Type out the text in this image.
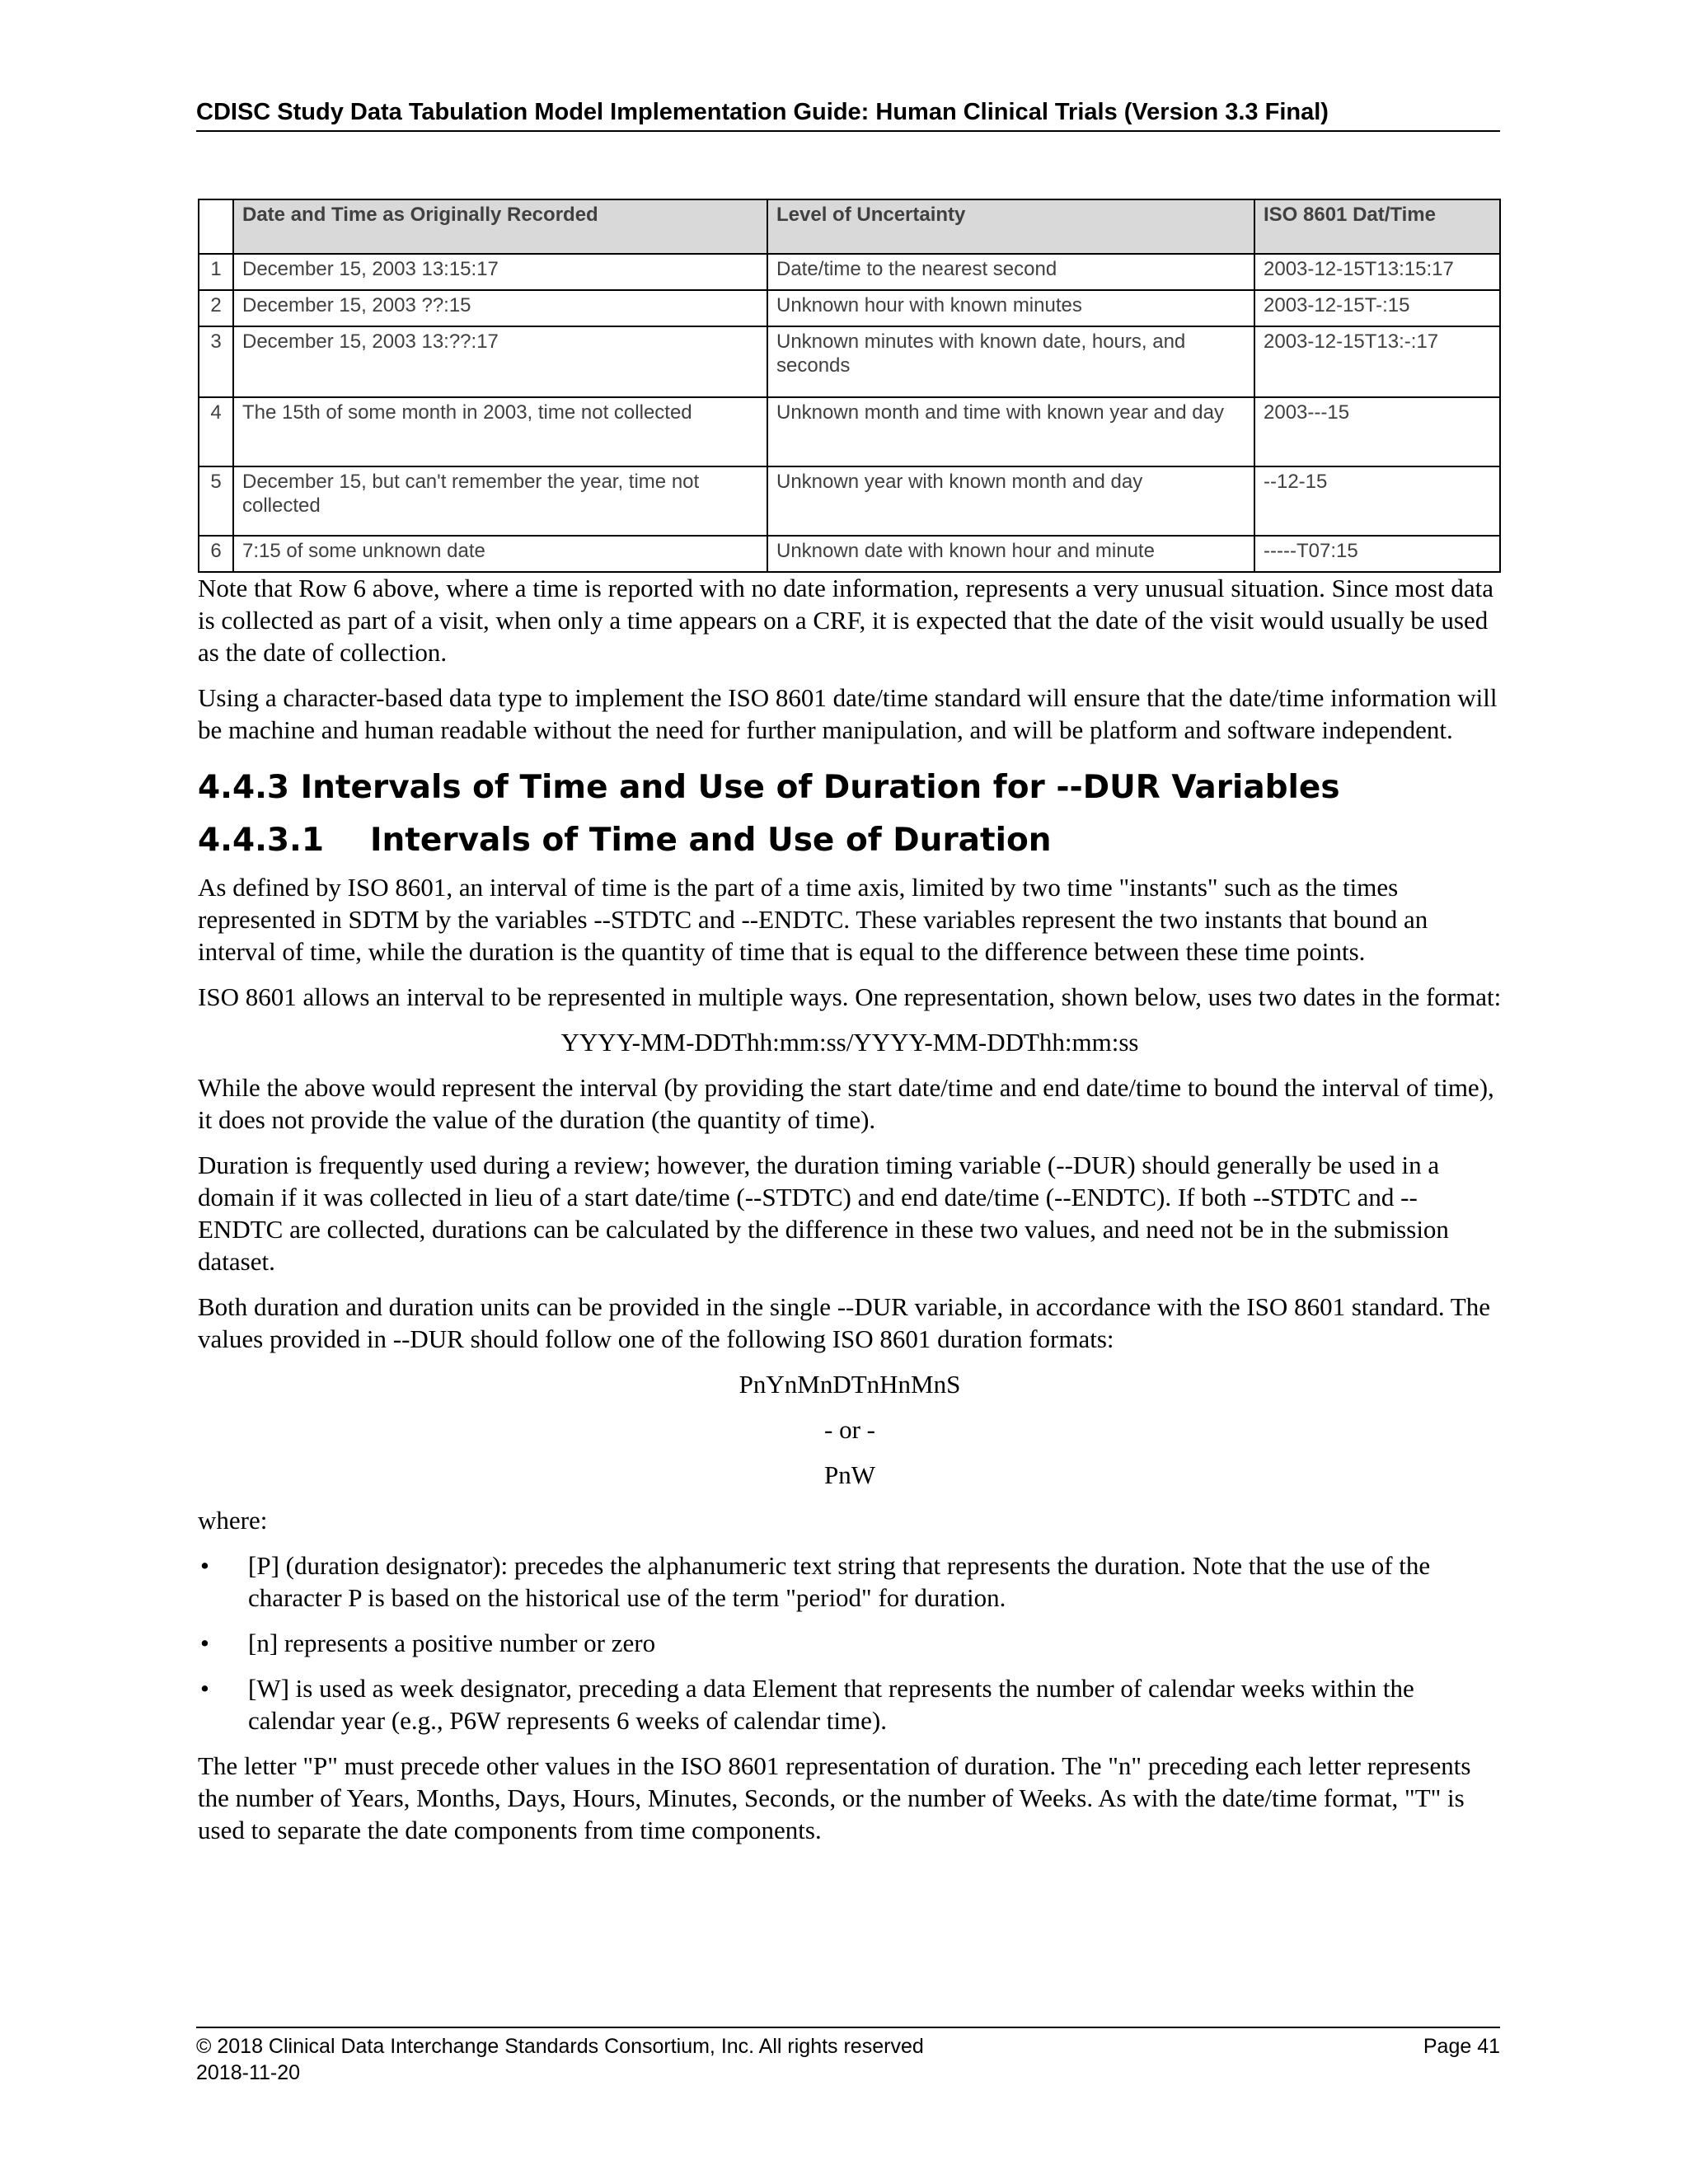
CDISC Study Data Tabulation Model Implementation Guide: Human Clinical Trials (Version 3.3 Final)
	Date and Time as Originally Recorded	Level of Uncertainty	ISO 8601 Dat/Time
1	December 15, 2003 13:15:17	Date/time to the nearest second	2003-12-15T13:15:17
2	December 15, 2003 ??:15	Unknown hour with known minutes	2003-12-15T-:15
3	December 15, 2003 13:??:17	Unknown minutes with known date, hours, and seconds	2003-12-15T13:-:17
4	The 15th of some month in 2003, time not collected	Unknown month and time with known year and day	2003---15
5	December 15, but can't remember the year, time not collected	Unknown year with known month and day	--12-15
6	7:15 of some unknown date	Unknown date with known hour and minute	-----T07:15

Note that Row 6 above, where a time is reported with no date information, represents a very unusual situation. Since most data is collected as part of a visit, when only a time appears on a CRF, it is expected that the date of the visit would usually be used as the date of collection.

Using a character-based data type to implement the ISO 8601 date/time standard will ensure that the date/time information will be machine and human readable without the need for further manipulation, and will be platform and software independent.

4.4.3 Intervals of Time and Use of Duration for --DUR Variables
4.4.3.1 Intervals of Time and Use of Duration

As defined by ISO 8601, an interval of time is the part of a time axis, limited by two time "instants" such as the times represented in SDTM by the variables --STDTC and --ENDTC. These variables represent the two instants that bound an interval of time, while the duration is the quantity of time that is equal to the difference between these time points.

ISO 8601 allows an interval to be represented in multiple ways. One representation, shown below, uses two dates in the format:

YYYY-MM-DDThh:mm:ss/YYYY-MM-DDThh:mm:ss

While the above would represent the interval (by providing the start date/time and end date/time to bound the interval of time), it does not provide the value of the duration (the quantity of time).

Duration is frequently used during a review; however, the duration timing variable (--DUR) should generally be used in a domain if it was collected in lieu of a start date/time (--STDTC) and end date/time (--ENDTC). If both --STDTC and --ENDTC are collected, durations can be calculated by the difference in these two values, and need not be in the submission dataset.

Both duration and duration units can be provided in the single --DUR variable, in accordance with the ISO 8601 standard. The values provided in --DUR should follow one of the following ISO 8601 duration formats:

PnYnMnDTnHnMnS

- or -

PnW

where:

• [P] (duration designator): precedes the alphanumeric text string that represents the duration. Note that the use of the character P is based on the historical use of the term "period" for duration.
• [n] represents a positive number or zero
• [W] is used as week designator, preceding a data Element that represents the number of calendar weeks within the calendar year (e.g., P6W represents 6 weeks of calendar time).

The letter "P" must precede other values in the ISO 8601 representation of duration. The "n" preceding each letter represents the number of Years, Months, Days, Hours, Minutes, Seconds, or the number of Weeks. As with the date/time format, "T" is used to separate the date components from time components.

© 2018 Clinical Data Interchange Standards Consortium, Inc. All rights reserved	Page 41
2018-11-20
